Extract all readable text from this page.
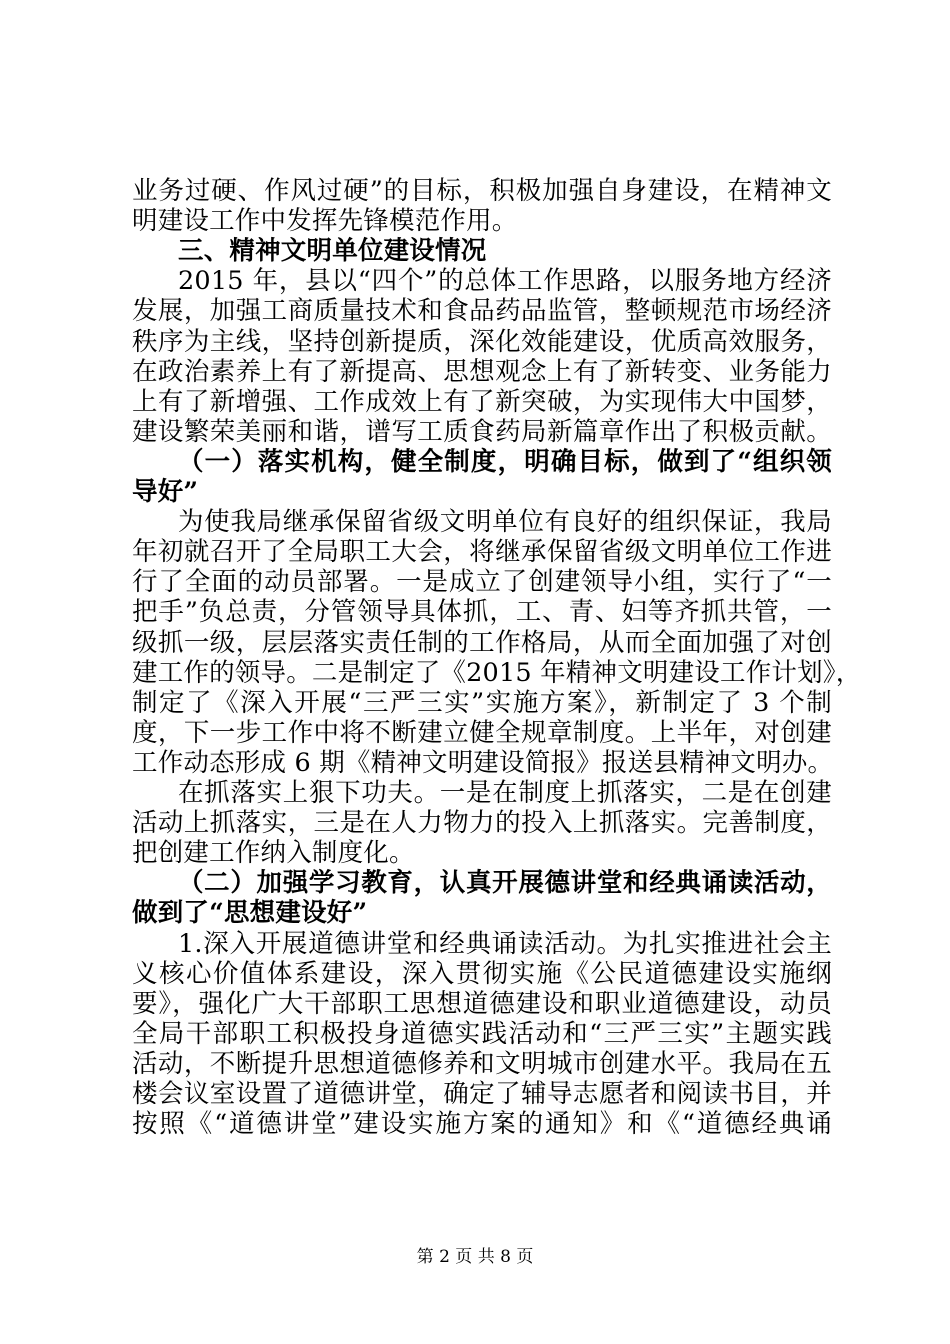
业务过硬、作风过硬”的目标，积极加强自身建设，在精神文
明建设工作中发挥先锋模范作用。
三、精神文明单位建设情况
2015 年，县以“四个”的总体工作思路，以服务地方经济
发展，加强工商质量技术和食品药品监管，整顿规范市场经济
秩序为主线，坚持创新提质，深化效能建设，优质高效服务，
在政治素养上有了新提高、思想观念上有了新转变、业务能力
上有了新增强、工作成效上有了新突破，为实现伟大中国梦，
建设繁荣美丽和谐，谱写工质食药局新篇章作出了积极贡献。
（一）落实机构，健全制度，明确目标，做到了“组织领
导好”
为使我局继承保留省级文明单位有良好的组织保证，我局
年初就召开了全局职工大会，将继承保留省级文明单位工作进
行了全面的动员部署。一是成立了创建领导小组，实行了“一
把手”负总责，分管领导具体抓，工、青、妇等齐抓共管，一
级抓一级，层层落实责任制的工作格局，从而全面加强了对创
建工作的领导。二是制定了《2015 年精神文明建设工作计划》，
制定了《深入开展“三严三实”实施方案》，新制定了 3 个制
度，下一步工作中将不断建立健全规章制度。上半年，对创建
工作动态形成 6 期《精神文明建设简报》报送县精神文明办。
在抓落实上狠下功夫。一是在制度上抓落实，二是在创建
活动上抓落实，三是在人力物力的投入上抓落实。完善制度，
把创建工作纳入制度化。
（二）加强学习教育，认真开展德讲堂和经典诵读活动，
做到了“思想建设好”
1.深入开展道德讲堂和经典诵读活动。为扎实推进社会主
义核心价值体系建设，深入贯彻实施《公民道德建设实施纲
要》，强化广大干部职工思想道德建设和职业道德建设，动员
全局干部职工积极投身道德实践活动和“三严三实”主题实践
活动，不断提升思想道德修养和文明城市创建水平。我局在五
楼会议室设置了道德讲堂，确定了辅导志愿者和阅读书目，并
按照《“道德讲堂”建设实施方案的通知》和《“道德经典诵
第 2 页 共 8 页
